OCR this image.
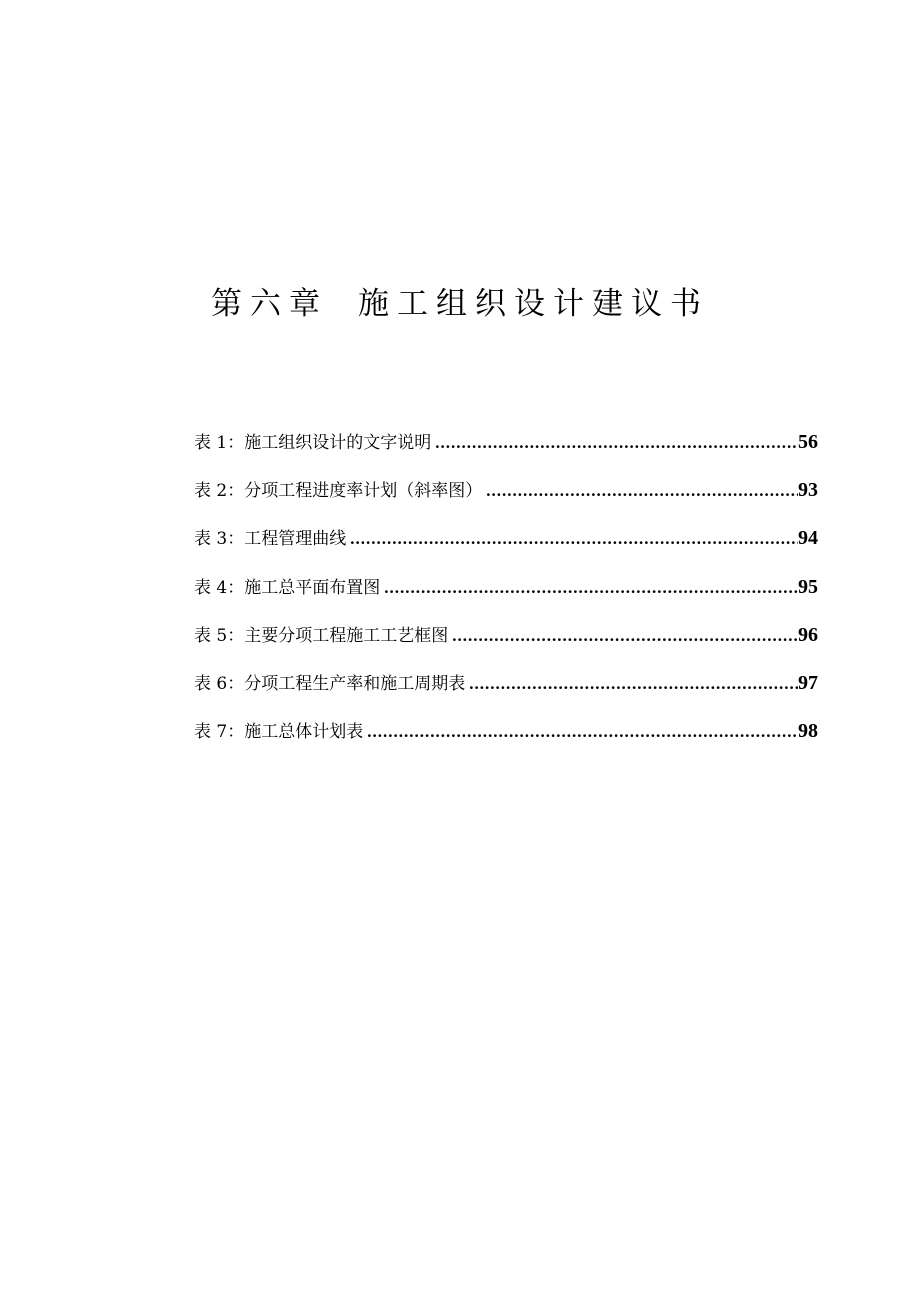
第六章 施工组织设计建议书
表 1：施工组织设计的文字说明 .....	56
表 2：分项工程进度率计划（斜率图） .....	93
表 3：工程管理曲线 .....	94
表 4：施工总平面布置图 .....	95
表 5：主要分项工程施工工艺框图 .....	96
表 6：分项工程生产率和施工周期表 .....	97
表 7：施工总体计划表 .....	98
